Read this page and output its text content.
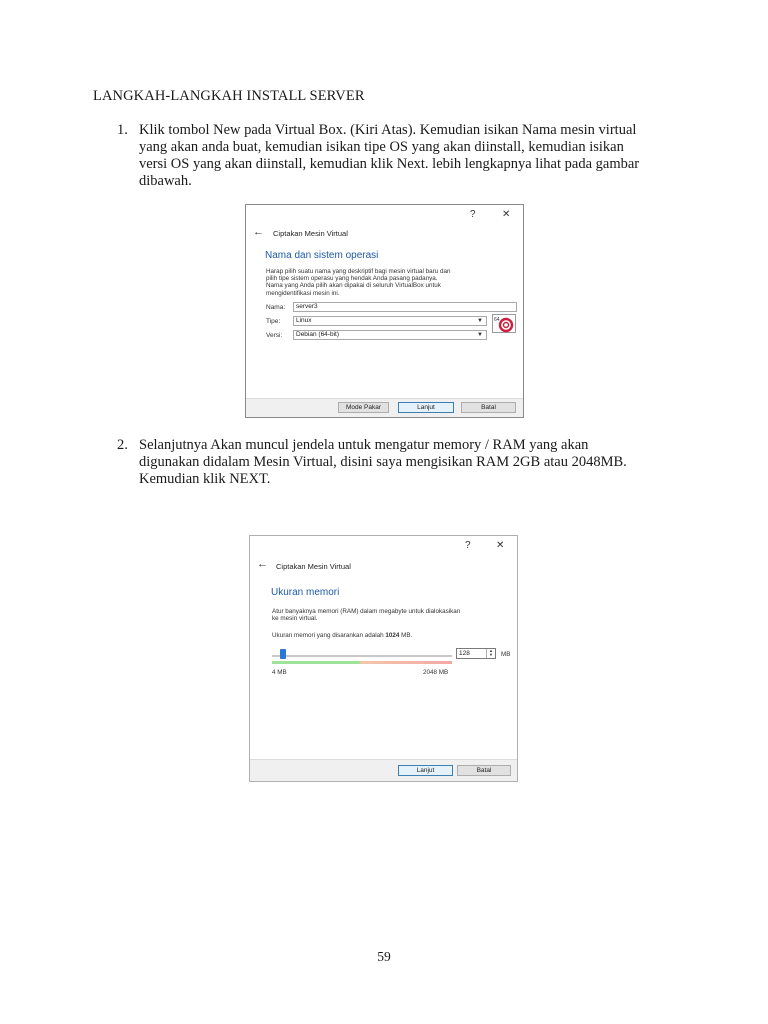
LANGKAH-LANGKAH INSTALL SERVER
1. Klik tombol New pada Virtual Box. (Kiri Atas). Kemudian isikan Nama mesin virtual
yang akan anda buat, kemudian isikan tipe OS yang akan diinstall, kemudian isikan
versi OS yang akan diinstall, kemudian klik Next. lebih lengkapnya lihat pada gambar
dibawah.
?	✕
← Ciptakan Mesin Virtual
Nama dan sistem operasi
Harap pilih suatu nama yang deskriptif bagi mesin virtual baru dan
pilih tipe sistem operasu yang hendak Anda pasang padanya.
Nama yang Anda pilih akan dipakai di seluruh VirtualBox untuk
mengidentifikasi mesin ini.
Nama:	server3
Tipe:	Linux	▼
Versi:	Debian (64-bit)	▼
64
Mode Pakar	Lanjut	Batal
2. Selanjutnya Akan muncul jendela untuk mengatur memory / RAM yang akan
digunakan didalam Mesin Virtual, disini saya mengisikan RAM 2GB atau 2048MB.
Kemudian klik NEXT.
?	✕
← Ciptakan Mesin Virtual
Ukuran memori
Atur banyaknya memori (RAM) dalam megabyte untuk dialokasikan
ke mesin virtual.
Ukuran memori yang disarankan adalah 1024 MB.
4 MB	2048 MB
128	▲
▼	MB
Lanjut	Batal
59
